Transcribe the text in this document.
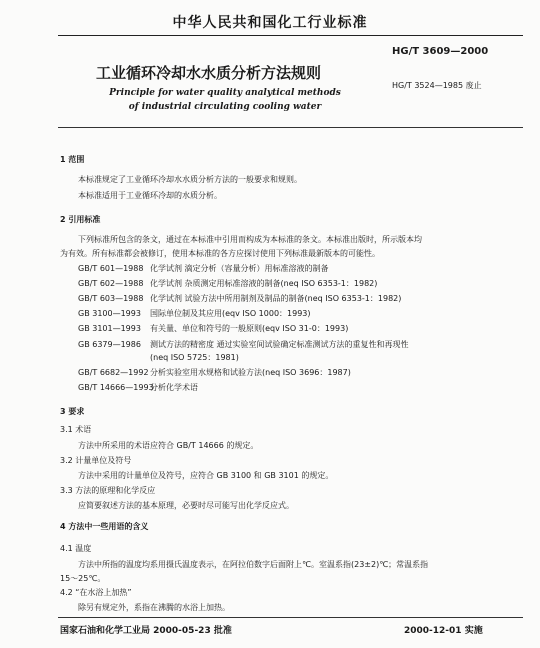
中华人民共和国化工行业标准
HG/T 3609—2000
工业循环冷却水水质分析方法规则
HG/T 3524—1985 废止
Principle for water quality analytical methods
of industrial circulating cooling water
1 范围
本标准规定了工业循环冷却水水质分析方法的一般要求和规则。
本标准适用于工业循环冷却的水质分析。
2 引用标准
下列标准所包含的条文，通过在本标准中引用而构成为本标准的条文。本标准出版时，所示版本均
为有效。所有标准都会被修订，使用本标准的各方应探讨使用下列标准最新版本的可能性。
GB/T 601—1988 化学试剂 滴定分析（容量分析）用标准溶液的制备
GB/T 602—1988 化学试剂 杂质测定用标准溶液的制备(neq ISO 6353-1：1982)
GB/T 603—1988 化学试剂 试验方法中所用制剂及制品的制备(neq ISO 6353-1：1982)
GB 3100—1993 国际单位制及其应用(eqv ISO 1000：1993)
GB 3101—1993 有关量、单位和符号的一般原则(eqv ISO 31-0：1993)
GB 6379—1986 测试方法的精密度 通过实验室间试验确定标准测试方法的重复性和再现性
(neq ISO 5725：1981)
GB/T 6682—1992 分析实验室用水规格和试验方法(neq ISO 3696：1987)
GB/T 14666—1993
分析化学术语
3 要求
3.1 术语
方法中所采用的术语应符合 GB/T 14666 的规定。
3.2 计量单位及符号
方法中采用的计量单位及符号，应符合 GB 3100 和 GB 3101 的规定。
3.3 方法的原理和化学反应
应简要叙述方法的基本原理，必要时尽可能写出化学反应式。
4 方法中一些用语的含义
4.1 温度
方法中所指的温度均系用摄氏温度表示，在阿拉伯数字后面附上℃。室温系指(23±2)℃；常温系指
15～25℃。
4.2 “在水浴上加热”
除另有规定外，系指在沸腾的水浴上加热。
国家石油和化学工业局 2000-05-23 批准	2000-12-01 实施
